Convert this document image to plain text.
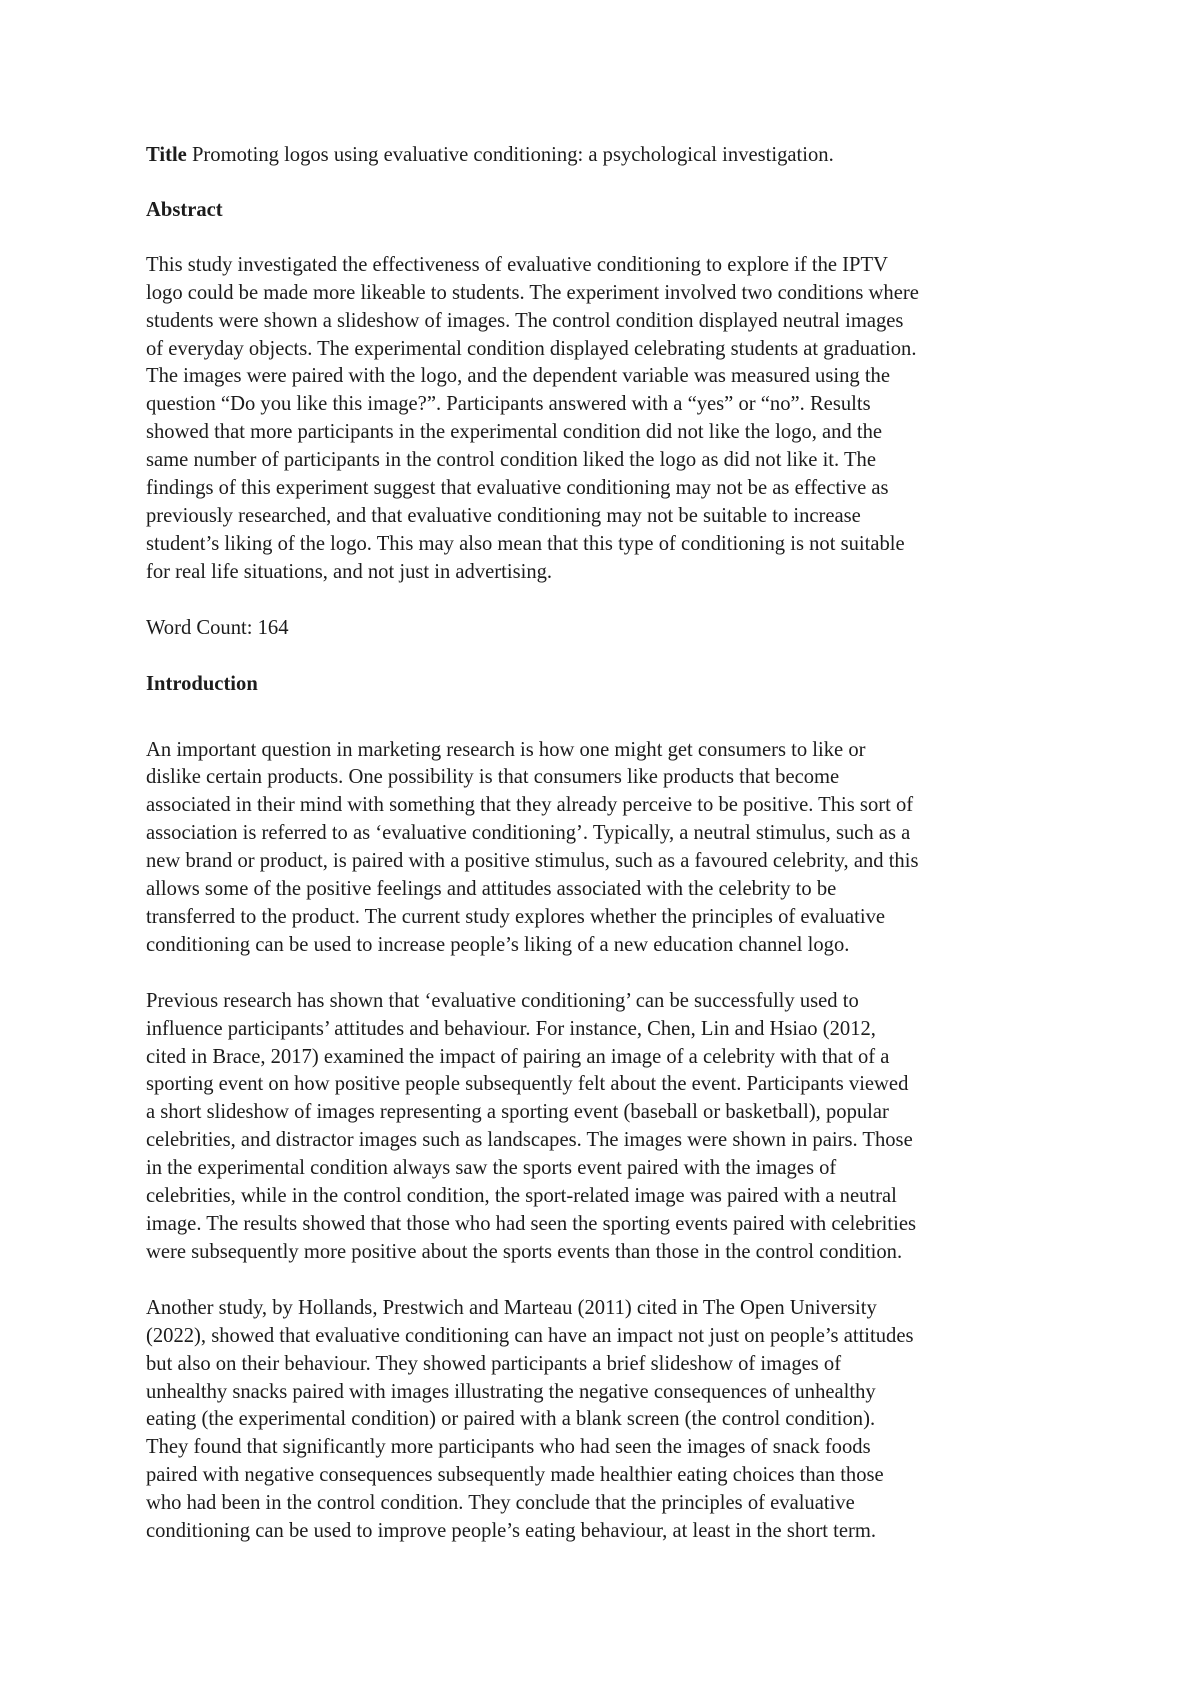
Title Promoting logos using evaluative conditioning: a psychological investigation.

Abstract

This study investigated the effectiveness of evaluative conditioning to explore if the IPTV

logo could be made more likeable to students. The experiment involved two conditions where

students were shown a slideshow of images. The control condition displayed neutral images

of everyday objects. The experimental condition displayed celebrating students at graduation.

The images were paired with the logo, and the dependent variable was measured using the

question “Do you like this image?”. Participants answered with a “yes” or “no”. Results

showed that more participants in the experimental condition did not like the logo, and the

same number of participants in the control condition liked the logo as did not like it. The

findings of this experiment suggest that evaluative conditioning may not be as effective as

previously researched, and that evaluative conditioning may not be suitable to increase

student’s liking of the logo. This may also mean that this type of conditioning is not suitable

for real life situations, and not just in advertising.

Word Count: 164

Introduction

An important question in marketing research is how one might get consumers to like or

dislike certain products. One possibility is that consumers like products that become

associated in their mind with something that they already perceive to be positive. This sort of

association is referred to as ‘evaluative conditioning’. Typically, a neutral stimulus, such as a

new brand or product, is paired with a positive stimulus, such as a favoured celebrity, and this

allows some of the positive feelings and attitudes associated with the celebrity to be

transferred to the product. The current study explores whether the principles of evaluative

conditioning can be used to increase people’s liking of a new education channel logo.

Previous research has shown that ‘evaluative conditioning’ can be successfully used to

influence participants’ attitudes and behaviour. For instance, Chen, Lin and Hsiao (2012,

cited in Brace, 2017) examined the impact of pairing an image of a celebrity with that of a

sporting event on how positive people subsequently felt about the event. Participants viewed

a short slideshow of images representing a sporting event (baseball or basketball), popular

celebrities, and distractor images such as landscapes. The images were shown in pairs. Those

in the experimental condition always saw the sports event paired with the images of

celebrities, while in the control condition, the sport-related image was paired with a neutral

image. The results showed that those who had seen the sporting events paired with celebrities

were subsequently more positive about the sports events than those in the control condition.

Another study, by Hollands, Prestwich and Marteau (2011) cited in The Open University

(2022), showed that evaluative conditioning can have an impact not just on people’s attitudes

but also on their behaviour. They showed participants a brief slideshow of images of

unhealthy snacks paired with images illustrating the negative consequences of unhealthy

eating (the experimental condition) or paired with a blank screen (the control condition).

They found that significantly more participants who had seen the images of snack foods

paired with negative consequences subsequently made healthier eating choices than those

who had been in the control condition. They conclude that the principles of evaluative

conditioning can be used to improve people’s eating behaviour, at least in the short term.
